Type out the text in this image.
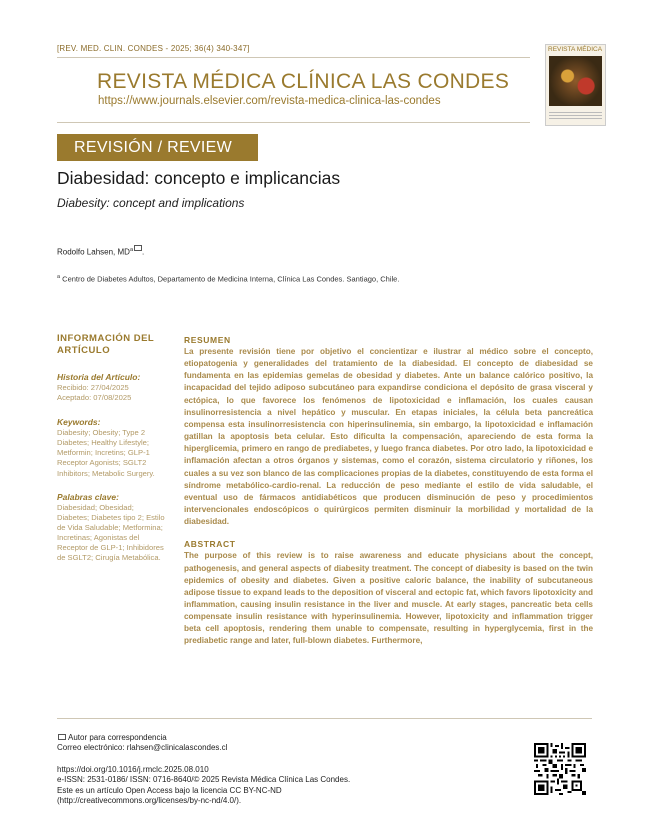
[REV. MED. CLIN. CONDES - 2025; 36(4) 340-347]
REVISTA MÉDICA CLÍNICA LAS CONDES
https://www.journals.elsevier.com/revista-medica-clinica-las-condes
REVISTA MÉDICA
REVISIÓN / REVIEW
Diabesidad: concepto e implicancias
Diabesity: concept and implications
Rodolfo Lahsen, $MD^a$ .
$^a$ Centro de Diabetes Adultos, Departamento de Medicina Interna, Clínica Las Condes. Santiago, Chile.
INFORMACIÓN DEL ARTÍCULO
Historia del Artículo:
Recibido: 27/04/2025
Aceptado: 07/08/2025
Keywords:
Diabesity; Obesity; Type 2 Diabetes; Healthy Lifestyle; Metformin; Incretins; GLP-1 Receptor Agonists; SGLT2 Inhibitors; Metabolic Surgery.
Palabras clave:
Diabesidad; Obesidad; Diabetes; Diabetes tipo 2; Estilo de Vida Saludable; Metformina; Incretinas; Agonistas del Receptor de GLP-1; Inhibidores de SGLT2; Cirugía Metabólica.
RESUMEN
La presente revisión tiene por objetivo el concientizar e ilustrar al médico sobre el concepto, etiopatogenia y generalidades del tratamiento de la diabesidad. El concepto de diabesidad se fundamenta en las epidemias gemelas de obesidad y diabetes. Ante un balance calórico positivo, la incapacidad del tejido adiposo subcutáneo para expandirse condiciona el depósito de grasa visceral y ectópica, lo que favorece los fenómenos de lipotoxicidad e inflamación, los cuales causan insulinorresistencia a nivel hepático y muscular. En etapas iniciales, la célula beta pancreática compensa esta insulinorresistencia con hiperinsulinemia, sin embargo, la lipotoxicidad e inflamación gatillan la apoptosis beta celular. Esto dificulta la compensación, apareciendo de esta forma la hiperglicemia, primero en rango de prediabetes, y luego franca diabetes. Por otro lado, la lipotoxicidad e inflamación afectan a otros órganos y sistemas, como el corazón, sistema circulatorio y riñones, los cuales a su vez son blanco de las complicaciones propias de la diabetes, constituyendo de esta forma el síndrome metabólico-cardio-renal. La reducción de peso mediante el estilo de vida saludable, el eventual uso de fármacos antidiabéticos que producen disminución de peso y procedimientos intervencionales endoscópicos o quirúrgicos permiten disminuir la morbilidad y mortalidad de la diabesidad.
ABSTRACT
The purpose of this review is to raise awareness and educate physicians about the concept, pathogenesis, and general aspects of diabesity treatment. The concept of diabesity is based on the twin epidemics of obesity and diabetes. Given a positive caloric balance, the inability of subcutaneous adipose tissue to expand leads to the deposition of visceral and ectopic fat, which favors lipotoxicity and inflammation, causing insulin resistance in the liver and muscle. At early stages, pancreatic beta cells compensate insulin resistance with hyperinsulinemia. However, lipotoxicity and inflammation trigger beta cell apoptosis, rendering them unable to compensate, resulting in hyperglycemia, first in the prediabetic range and later, full-blown diabetes. Furthermore,
Autor para correspondencia
Correo electrónico: rlahsen@clinicalascondes.cl
https://doi.org/10.1016/j.rmclc.2025.08.010
e-ISSN: 2531-0186/ ISSN: 0716-8640/© 2025 Revista Médica Clínica Las Condes.
Este es un artículo Open Access bajo la licencia CC BY-NC-ND
(http://creativecommons.org/licenses/by-nc-nd/4.0/).
